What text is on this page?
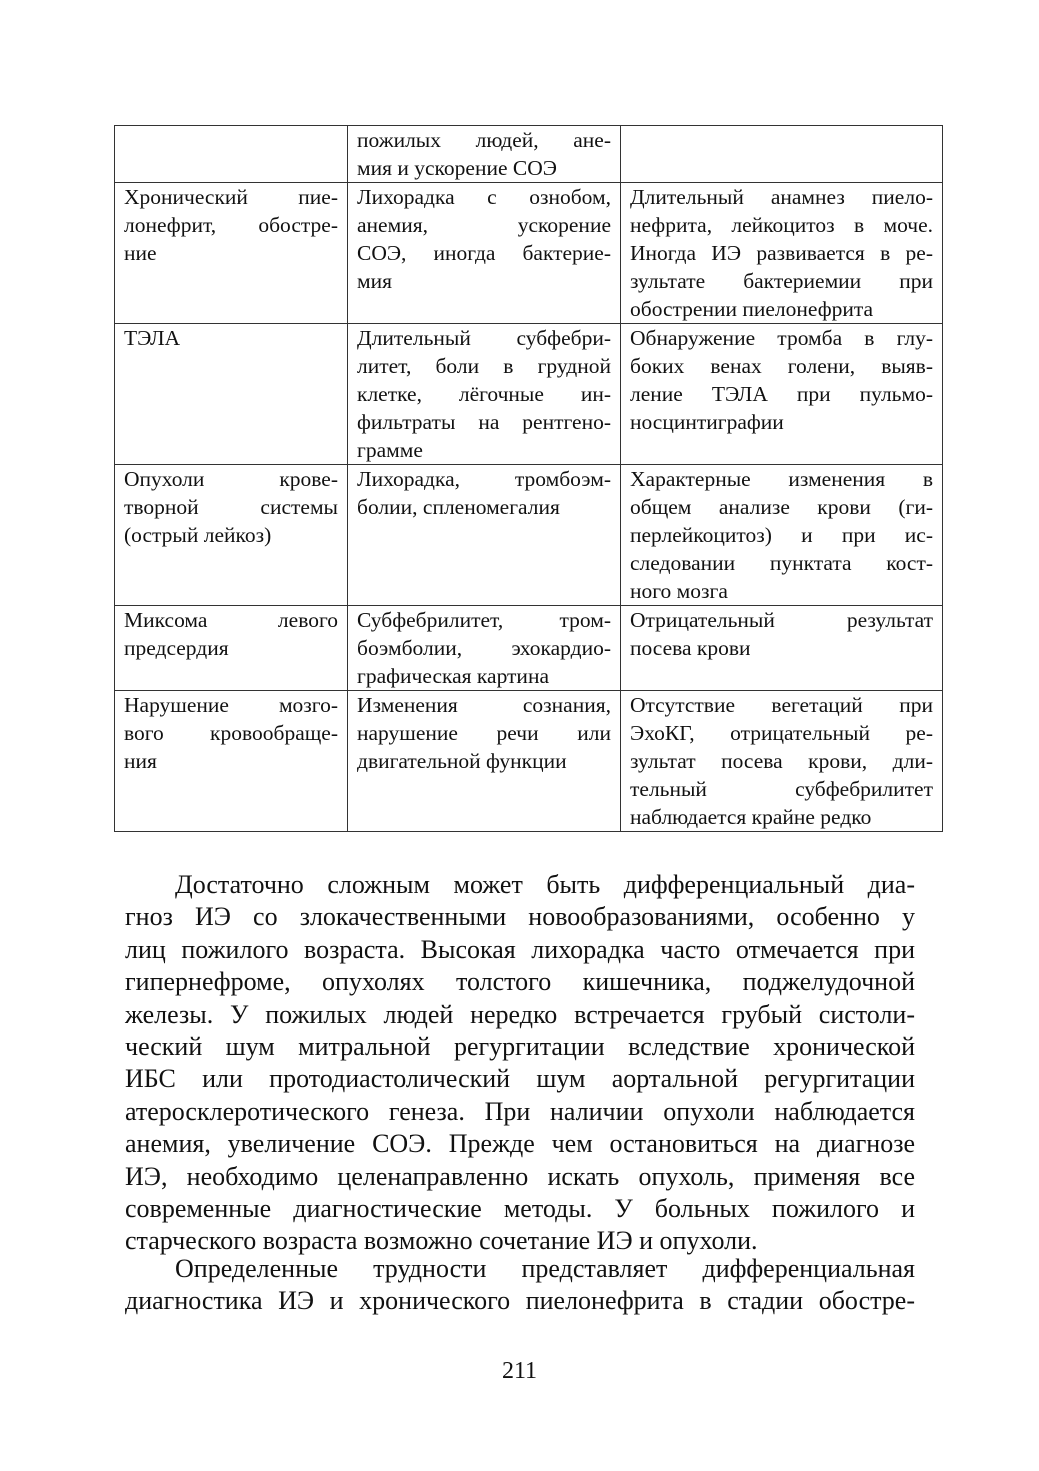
	пожилых людей, ане-
мия и ускорение СОЭ	

Хронический пие-
лонефрит, обостре-
ние	Лихорадка с ознобом,
анемия, ускорение
СОЭ, иногда бактерие-
мия	Длительный анамнез пиело-
нефрита, лейкоцитоз в моче.
Иногда ИЭ развивается в ре-
зультате бактериемии при
обострении пиелонефрита

ТЭЛА	Длительный субфебри-
литет, боли в грудной
клетке, лёгочные ин-
фильтраты на рентгено-
грамме	Обнаружение тромба в глу-
боких венах голени, выяв-
ление ТЭЛА при пульмо-
носцинтиграфии

Опухоли крове-
творной системы
(острый лейкоз)	Лихорадка, тромбоэм-
болии, спленомегалия	Характерные изменения в
общем анализе крови (ги-
перлейкоцитоз) и при ис-
следовании пунктата кост-
ного мозга

Миксома левого
предсердия	Субфебрилитет, тром-
боэмболии, эхокардио-
графическая картина	Отрицательный результат
посева крови

Нарушение мозго-
вого кровообраще-
ния	Изменения сознания,
нарушение речи или
двигательной функции	Отсутствие вегетаций при
ЭхоКГ, отрицательный ре-
зультат посева крови, дли-
тельный субфебрилитет
наблюдается крайне редко
Достаточно сложным может быть дифференциальный диа-
гноз ИЭ со злокачественными новообразованиями, особенно у
лиц пожилого возраста. Высокая лихорадка часто отмечается при
гипернефроме, опухолях толстого кишечника, поджелудочной
железы. У пожилых людей нередко встречается грубый систоли-
ческий шум митральной регургитации вследствие хронической
ИБС или протодиастолический шум аортальной регургитации
атеросклеротического генеза. При наличии опухоли наблюдается
анемия, увеличение СОЭ. Прежде чем остановиться на диагнозе
ИЭ, необходимо целенаправленно искать опухоль, применяя все
современные диагностические методы. У больных пожилого и
старческого возраста возможно сочетание ИЭ и опухоли.
Определенные трудности представляет дифференциальная
диагностика ИЭ и хронического пиелонефрита в стадии обостре-
211
